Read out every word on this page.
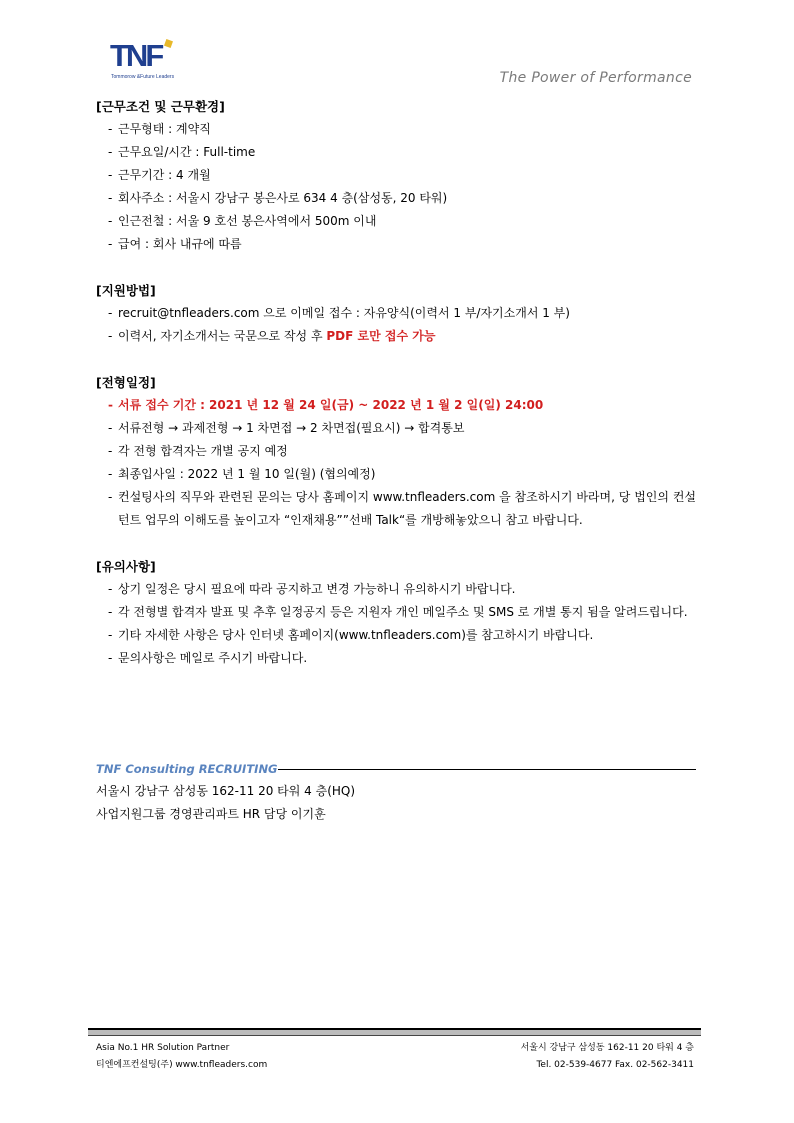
TNF
Tommorow &Future Leaders	The Power of Performance
[근무조건 및 근무환경]
- 근무형태 : 계약직
- 근무요일/시간 : Full-time
- 근무기간 : 4 개월
- 회사주소 : 서울시 강남구 봉은사로 634 4 층(삼성동, 20 타워)
- 인근전철 : 서울 9 호선 봉은사역에서 500m 이내
- 급여 : 회사 내규에 따름
[지원방법]
- recruit@tnfleaders.com 으로 이메일 접수 : 자유양식(이력서 1 부/자기소개서 1 부)
- 이력서, 자기소개서는 국문으로 작성 후 PDF 로만 접수 가능
[전형일정]
- 서류 접수 기간 : 2021 년 12 월 24 일(금) ~ 2022 년 1 월 2 일(일) 24:00
- 서류전형 → 과제전형 → 1 차면접 → 2 차면접(필요시) → 합격통보
- 각 전형 합격자는 개별 공지 예정
- 최종입사일 : 2022 년 1 월 10 일(월) (협의예정)
- 컨설팅사의 직무와 관련된 문의는 당사 홈페이지 www.tnfleaders.com 을 참조하시기 바라며, 당 법인의 컨설턴트 업무의 이해도를 높이고자 “인재채용””선배 Talk“를 개방해놓았으니 참고 바랍니다.
[유의사항]
- 상기 일정은 당시 필요에 따라 공지하고 변경 가능하니 유의하시기 바랍니다.
- 각 전형별 합격자 발표 및 추후 일정공지 등은 지원자 개인 메일주소 및 SMS 로 개별 통지 됨을 알려드립니다.
- 기타 자세한 사항은 당사 인터넷 홈페이지(www.tnfleaders.com)를 참고하시기 바랍니다.
- 문의사항은 메일로 주시기 바랍니다.
TNF Consulting RECRUITING
서울시 강남구 삼성동 162-11 20 타워 4 층(HQ)
사업지원그룹 경영관리파트 HR 담당 이기훈
Asia No.1 HR Solution Partner
티엔에프컨설팅(주) www.tnfleaders.com
서울시 강남구 삼성동 162-11 20 타워 4 층
Tel. 02-539-4677 Fax. 02-562-3411
